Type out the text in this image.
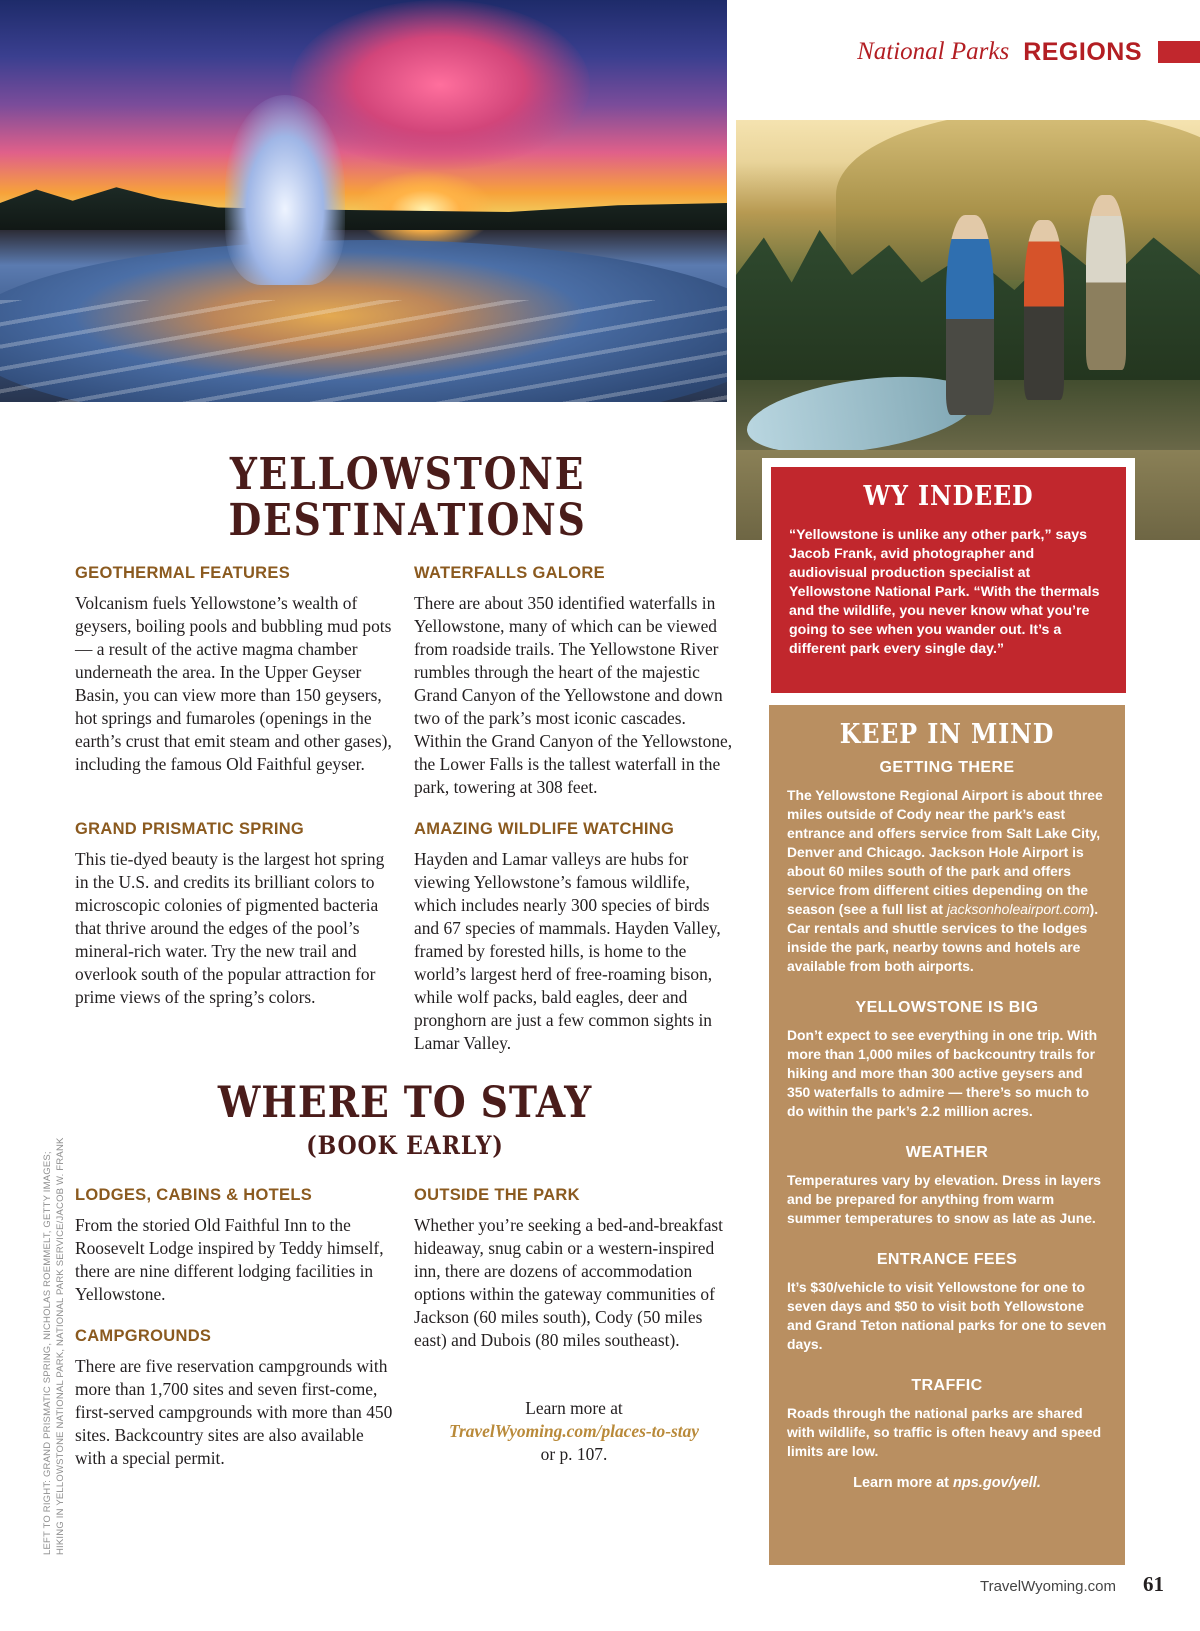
National Parks REGIONS
YELLOWSTONE
DESTINATIONS
GEOTHERMAL FEATURES

Volcanism fuels Yellowstone’s wealth of geysers, boiling pools and bubbling mud pots — a result of the active magma chamber underneath the area. In the Upper Geyser Basin, you can view more than 150 geysers, hot springs and fumaroles (openings in the earth’s crust that emit steam and other gases), including the famous Old Faithful geyser.

WATERFALLS GALORE

There are about 350 identified waterfalls in Yellowstone, many of which can be viewed from roadside trails. The Yellowstone River rumbles through the heart of the majestic Grand Canyon of the Yellowstone and down two of the park’s most iconic cascades. Within the Grand Canyon of the Yellowstone, the Lower Falls is the tallest waterfall in the park, towering at 308 feet.

GRAND PRISMATIC SPRING

This tie-dyed beauty is the largest hot spring in the U.S. and credits its brilliant colors to microscopic colonies of pigmented bacteria that thrive around the edges of the pool’s mineral-rich water. Try the new trail and overlook south of the popular attraction for prime views of the spring’s colors.

AMAZING WILDLIFE WATCHING

Hayden and Lamar valleys are hubs for viewing Yellowstone’s famous wildlife, which includes nearly 300 species of birds and 67 species of mammals. Hayden Valley, framed by forested hills, is home to the world’s largest herd of free-roaming bison, while wolf packs, bald eagles, deer and pronghorn are just a few common sights in Lamar Valley.

WHERE TO STAY
(BOOK EARLY)
LODGES, CABINS & HOTELS

From the storied Old Faithful Inn to the Roosevelt Lodge inspired by Teddy himself, there are nine different lodging facilities in Yellowstone.

CAMPGROUNDS

There are five reservation campgrounds with more than 1,700 sites and seven first-come, first-served campgrounds with more than 450 sites. Backcountry sites are also available with a special permit.

OUTSIDE THE PARK

Whether you’re seeking a bed-and-breakfast hideaway, snug cabin or a western-inspired inn, there are dozens of accommodation options within the gateway communities of Jackson (60 miles south), Cody (50 miles east) and Dubois (80 miles southeast).

Learn more at
TravelWyoming.com/places-to-stay
or p. 107.
WY INDEED

“Yellowstone is unlike any other park,” says Jacob Frank, avid photographer and audiovisual production specialist at Yellowstone National Park. “With the thermals and the wildlife, you never know what you’re going to see when you wander out. It’s a different park every single day.”

KEEP IN MIND
GETTING THERE

The Yellowstone Regional Airport is about three miles outside of Cody near the park’s east entrance and offers service from Salt Lake City, Denver and Chicago. Jackson Hole Airport is about 60 miles south of the park and offers service from different cities depending on the season (see a full list at jacksonholeairport.com). Car rentals and shuttle services to the lodges inside the park, nearby towns and hotels are available from both airports.

YELLOWSTONE IS BIG

Don’t expect to see everything in one trip. With more than 1,000 miles of backcountry trails for hiking and more than 300 active geysers and 350 waterfalls to admire — there’s so much to do within the park’s 2.2 million acres.

WEATHER

Temperatures vary by elevation. Dress in layers and be prepared for anything from warm summer temperatures to snow as late as June.

ENTRANCE FEES

It’s $30/vehicle to visit Yellowstone for one to seven days and $50 to visit both Yellowstone and Grand Teton national parks for one to seven days.

TRAFFIC

Roads through the national parks are shared with wildlife, so traffic is often heavy and speed limits are low.

Learn more at nps.gov/yell.
LEFT TO RIGHT: GRAND PRISMATIC SPRING, NICHOLAS ROEMMELT, GETTY IMAGES; HIKING IN YELLOWSTONE NATIONAL PARK, NATIONAL PARK SERVICE/JACOB W. FRANK
TravelWyoming.com 61
